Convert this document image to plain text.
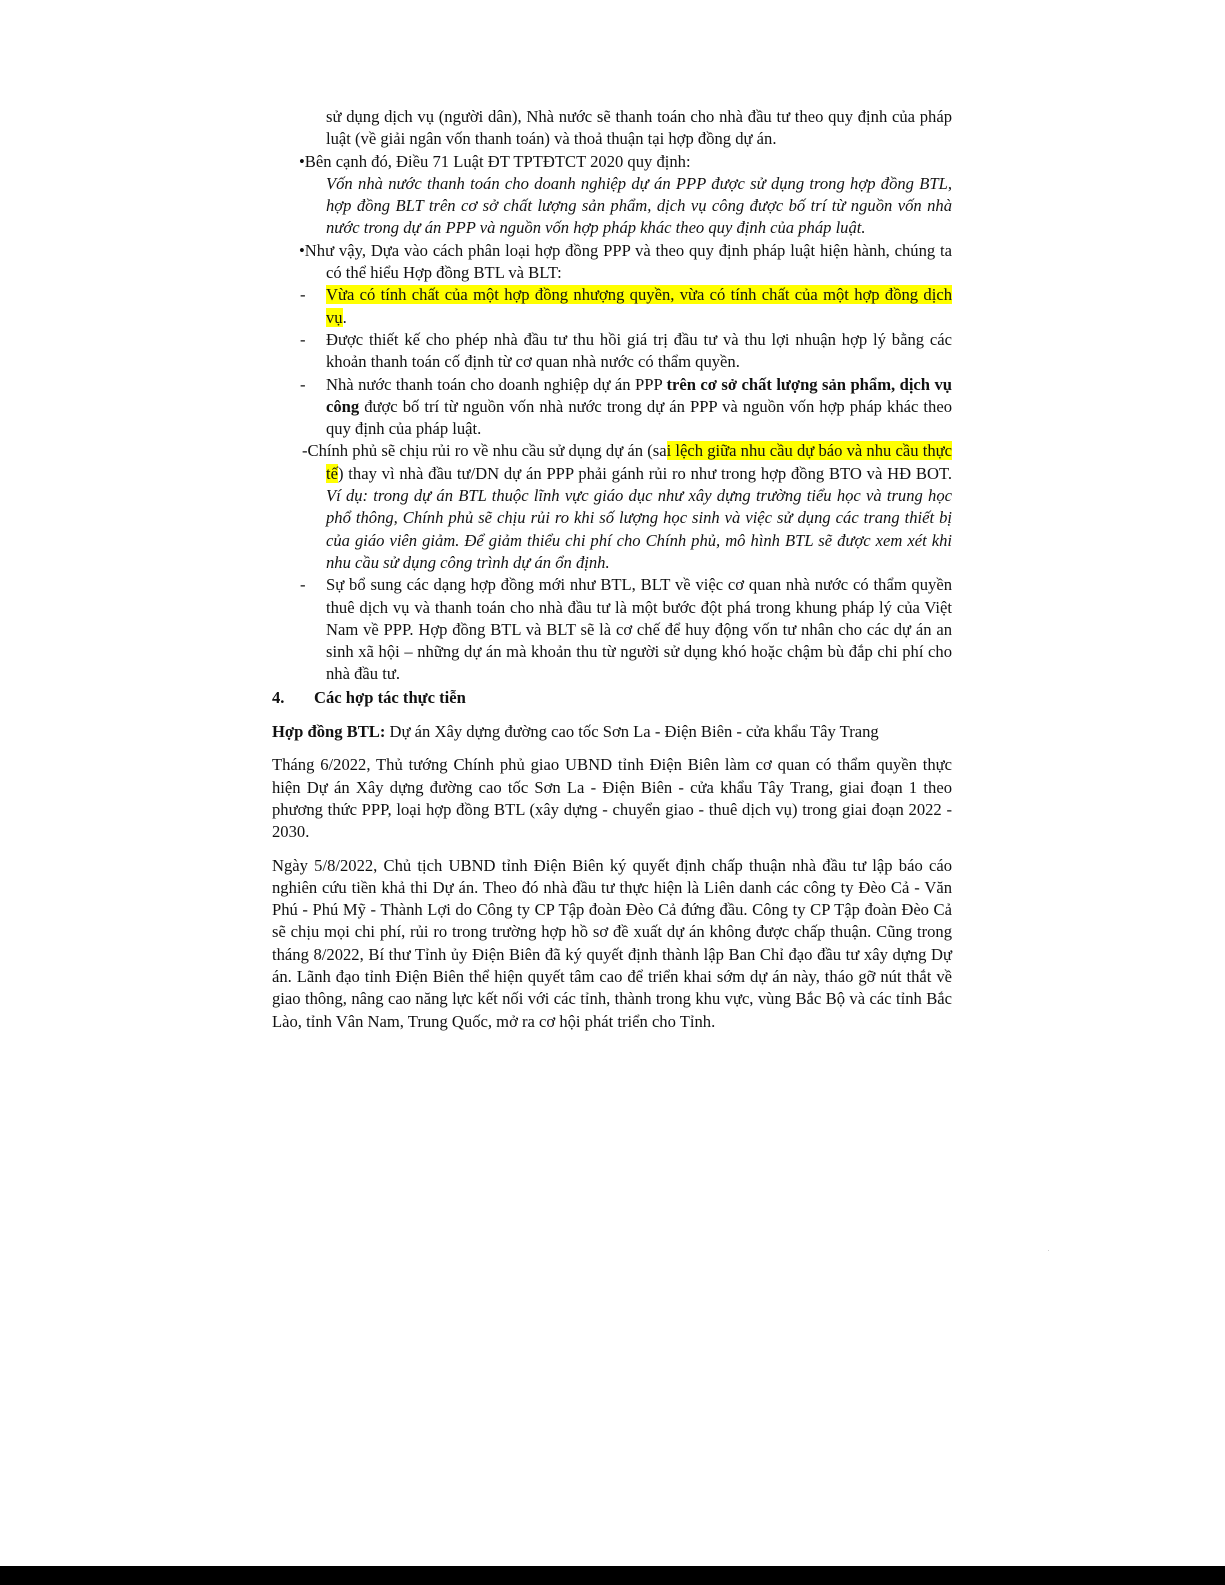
sử dụng dịch vụ (người dân), Nhà nước sẽ thanh toán cho nhà đầu tư theo quy định của pháp luật (về giải ngân vốn thanh toán) và thoả thuận tại hợp đồng dự án.

•Bên cạnh đó, Điều 71 Luật ĐT TPTĐTCT 2020 quy định:

Vốn nhà nước thanh toán cho doanh nghiệp dự án PPP được sử dụng trong hợp đồng BTL, hợp đồng BLT trên cơ sở chất lượng sản phẩm, dịch vụ công được bố trí từ nguồn vốn nhà nước trong dự án PPP và nguồn vốn hợp pháp khác theo quy định của pháp luật.

•Như vậy, Dựa vào cách phân loại hợp đồng PPP và theo quy định pháp luật hiện hành, chúng ta có thể hiểu Hợp đồng BTL và BLT:

- Vừa có tính chất của một hợp đồng nhượng quyền, vừa có tính chất của một hợp đồng dịch vụ.

- Được thiết kế cho phép nhà đầu tư thu hồi giá trị đầu tư và thu lợi nhuận hợp lý bằng các khoản thanh toán cố định từ cơ quan nhà nước có thẩm quyền.

- Nhà nước thanh toán cho doanh nghiệp dự án PPP trên cơ sở chất lượng sản phẩm, dịch vụ công được bố trí từ nguồn vốn nhà nước trong dự án PPP và nguồn vốn hợp pháp khác theo quy định của pháp luật.

-Chính phủ sẽ chịu rủi ro về nhu cầu sử dụng dự án (sai lệch giữa nhu cầu dự báo và nhu cầu thực tế) thay vì nhà đầu tư/DN dự án PPP phải gánh rủi ro như trong hợp đồng BTO và HĐ BOT. Ví dụ: trong dự án BTL thuộc lĩnh vực giáo dục như xây dựng trường tiểu học và trung học phổ thông, Chính phủ sẽ chịu rủi ro khi số lượng học sinh và việc sử dụng các trang thiết bị của giáo viên giảm. Để giảm thiểu chi phí cho Chính phủ, mô hình BTL sẽ được xem xét khi nhu cầu sử dụng công trình dự án ổn định.

- Sự bổ sung các dạng hợp đồng mới như BTL, BLT về việc cơ quan nhà nước có thẩm quyền thuê dịch vụ và thanh toán cho nhà đầu tư là một bước đột phá trong khung pháp lý của Việt Nam về PPP. Hợp đồng BTL và BLT sẽ là cơ chế để huy động vốn tư nhân cho các dự án an sinh xã hội – những dự án mà khoản thu từ người sử dụng khó hoặc chậm bù đắp chi phí cho nhà đầu tư.

4. Các hợp tác thực tiễn

Hợp đồng BTL: Dự án Xây dựng đường cao tốc Sơn La - Điện Biên - cửa khẩu Tây Trang

Tháng 6/2022, Thủ tướng Chính phủ giao UBND tỉnh Điện Biên làm cơ quan có thẩm quyền thực hiện Dự án Xây dựng đường cao tốc Sơn La - Điện Biên - cửa khẩu Tây Trang, giai đoạn 1 theo phương thức PPP, loại hợp đồng BTL (xây dựng - chuyển giao - thuê dịch vụ) trong giai đoạn 2022 - 2030.

Ngày 5/8/2022, Chủ tịch UBND tỉnh Điện Biên ký quyết định chấp thuận nhà đầu tư lập báo cáo nghiên cứu tiền khả thi Dự án. Theo đó nhà đầu tư thực hiện là Liên danh các công ty Đèo Cả - Văn Phú - Phú Mỹ - Thành Lợi do Công ty CP Tập đoàn Đèo Cả đứng đầu. Công ty CP Tập đoàn Đèo Cả sẽ chịu mọi chi phí, rủi ro trong trường hợp hồ sơ đề xuất dự án không được chấp thuận. Cũng trong tháng 8/2022, Bí thư Tỉnh ủy Điện Biên đã ký quyết định thành lập Ban Chỉ đạo đầu tư xây dựng Dự án. Lãnh đạo tỉnh Điện Biên thể hiện quyết tâm cao để triển khai sớm dự án này, tháo gỡ nút thắt về giao thông, nâng cao năng lực kết nối với các tỉnh, thành trong khu vực, vùng Bắc Bộ và các tỉnh Bắc Lào, tỉnh Vân Nam, Trung Quốc, mở ra cơ hội phát triển cho Tỉnh.
